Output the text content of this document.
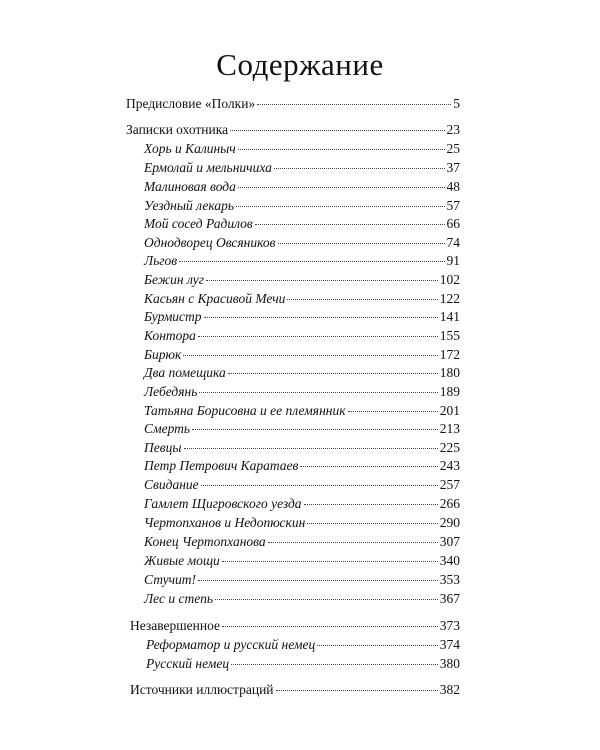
Содержание
Предисловие «Полки»	5
Записки охотника	23
Хорь и Калиныч	25
Ермолай и мельничиха	37
Малиновая вода	48
Уездный лекарь	57
Мой сосед Радилов	66
Однодворец Овсяников	74
Льгов	91
Бежин луг	102
Касьян с Красивой Мечи	122
Бурмистр	141
Контора	155
Бирюк	172
Два помещика	180
Лебедянь	189
Татьяна Борисовна и ее племянник	201
Смерть	213
Певцы	225
Петр Петрович Каратаев	243
Свидание	257
Гамлет Щигровского уезда	266
Чертопханов и Недопюскин	290
Конец Чертопханова	307
Живые мощи	340
Стучит!	353
Лес и степь	367
Незавершенное	373
Реформатор и русский немец	374
Русский немец	380
Источники иллюстраций	382
